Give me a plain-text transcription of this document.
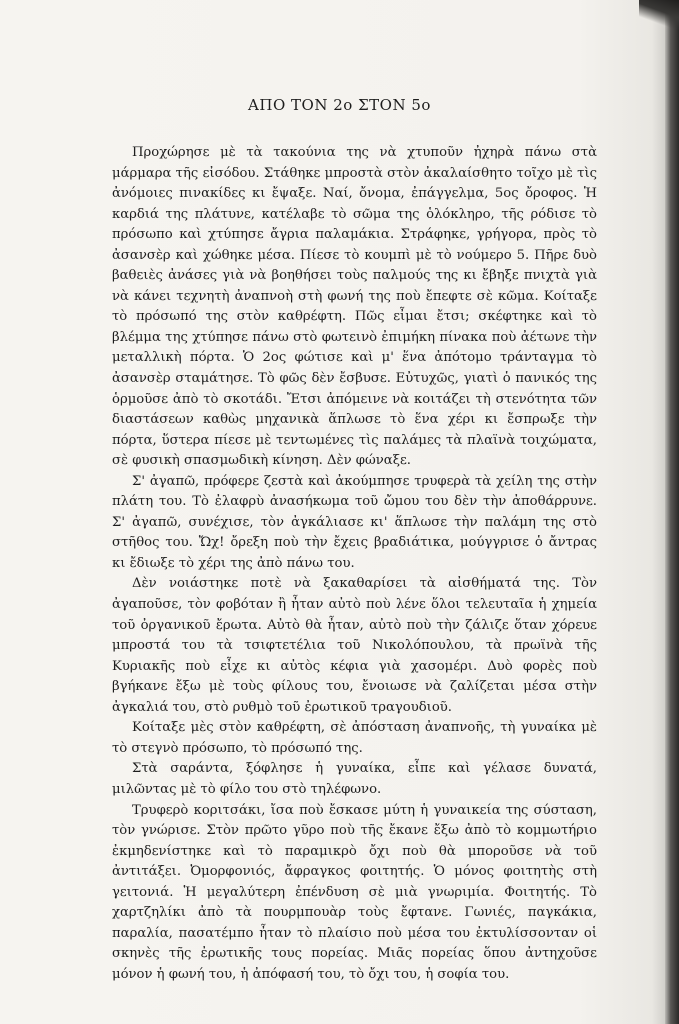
ΑΠΟ ΤΟΝ 2ο ΣΤΟΝ 5ο

Προχώρησε μὲ τὰ τακούνια της νὰ χτυποῦν ἠχηρὰ πάνω στὰ μάρμαρα τῆς εἰσόδου. Στάθηκε μπροστὰ στὸν ἀκαλαίσθητο τοῖχο μὲ τὶς ἀνόμοιες πινακίδες κι ἔψαξε. Ναί, ὄνομα, ἐπάγγελμα, 5ος ὄροφος. Ἡ καρδιά της πλάτυνε, κατέλαβε τὸ σῶμα της ὁλόκληρο, τῆς ρόδισε τὸ πρόσωπο καὶ χτύπησε ἄγρια παλαμάκια. Στράφηκε, γρήγορα, πρὸς τὸ ἀσανσὲρ καὶ χώθηκε μέσα. Πίεσε τὸ κουμπὶ μὲ τὸ νούμερο 5. Πῆρε δυὸ βαθειὲς ἀνάσες γιὰ νὰ βοηθήσει τοὺς παλμούς της κι ἔβηξε πνιχτὰ γιὰ νὰ κάνει τεχνητὴ ἀναπνοὴ στὴ φωνή της ποὺ ἔπεφτε σὲ κῶμα. Κοίταξε τὸ πρόσωπό της στὸν καθρέφτη. Πῶς εἶμαι ἔτσι; σκέφτηκε καὶ τὸ βλέμμα της χτύπησε πάνω στὸ φωτεινὸ ἐπιμήκη πίνακα ποὺ ἀέτωνε τὴν μεταλλικὴ πόρτα. Ὁ 2ος φώτισε καὶ μ' ἕνα ἀπότομο τράνταγμα τὸ ἀσανσὲρ σταμάτησε. Τὸ φῶς δὲν ἔσβυσε. Εὐτυχῶς, γιατὶ ὁ πανικός της ὁρμοῦσε ἀπὸ τὸ σκοτάδι. Ἔτσι ἀπόμεινε νὰ κοιτάζει τὴ στενότητα τῶν διαστάσεων καθὼς μηχανικὰ ἅπλωσε τὸ ἕνα χέρι κι ἔσπρωξε τὴν πόρτα, ὕστερα πίεσε μὲ τεντωμένες τὶς παλάμες τὰ πλαϊνὰ τοιχώματα, σὲ φυσικὴ σπασμωδικὴ κίνηση. Δὲν φώναξε.

Σ' ἀγαπῶ, πρόφερε ζεστὰ καὶ ἀκούμπησε τρυφερὰ τὰ χείλη της στὴν πλάτη του. Τὸ ἐλαφρὺ ἀνασήκωμα τοῦ ὤμου του δὲν τὴν ἀποθάρρυνε. Σ' ἀγαπῶ, συνέχισε, τὸν ἀγκάλιασε κι' ἅπλωσε τὴν παλάμη της στὸ στῆθος του. Ὤχ! ὄρεξη ποὺ τὴν ἔχεις βραδιάτικα, μούγγρισε ὁ ἄντρας κι ἔδιωξε τὸ χέρι της ἀπὸ πάνω του.

Δὲν νοιάστηκε ποτὲ νὰ ξακαθαρίσει τὰ αἰσθήματά της. Τὸν ἀγαποῦσε, τὸν φοβόταν ἢ ἦταν αὐτὸ ποὺ λένε ὅλοι τελευταῖα ἡ χημεία τοῦ ὀργανικοῦ ἔρωτα. Αὐτὸ θὰ ἦταν, αὐτὸ ποὺ τὴν ζάλιζε ὅταν χόρευε μπροστά του τὰ τσιφτετέλια τοῦ Νικολόπουλου, τὰ πρωϊνὰ τῆς Κυριακῆς ποὺ εἶχε κι αὐτὸς κέφια γιὰ χασομέρι. Δυὸ φορὲς ποὺ βγήκανε ἔξω μὲ τοὺς φίλους του, ἔνοιωσε νὰ ζαλίζεται μέσα στὴν ἀγκαλιά του, στὸ ρυθμὸ τοῦ ἐρωτικοῦ τραγουδιοῦ.

Κοίταξε μὲς στὸν καθρέφτη, σὲ ἀπόσταση ἀναπνοῆς, τὴ γυναίκα μὲ τὸ στεγνὸ πρόσωπο, τὸ πρόσωπό της.

Στὰ σαράντα, ξόφλησε ἡ γυναίκα, εἶπε καὶ γέλασε δυνατά, μιλῶντας μὲ τὸ φίλο του στὸ τηλέφωνο.

Τρυφερὸ κοριτσάκι, ἴσα ποὺ ἔσκασε μύτη ἡ γυναικεία της σύσταση, τὸν γνώρισε. Στὸν πρῶτο γῦρο ποὺ τῆς ἔκανε ἔξω ἀπὸ τὸ κομμωτήριο ἐκμηδενίστηκε καὶ τὸ παραμικρὸ ὄχι ποὺ θὰ μποροῦσε νὰ τοῦ ἀντιτάξει. Ὀμορφονιός, ἄφραγκος φοιτητής. Ὁ μόνος φοιτητὴς στὴ γειτονιά. Ἡ μεγαλύτερη ἐπένδυση σὲ μιὰ γνωριμία. Φοιτητής. Τὸ χαρτζηλίκι ἀπὸ τὰ πουρμπουὰρ τοὺς ἔφτανε. Γωνιές, παγκάκια, παραλία, πασατέμπο ἦταν τὸ πλαίσιο ποὺ μέσα του ἐκτυλίσσονταν οἱ σκηνὲς τῆς ἐρωτικῆς τους πορείας. Μιᾶς πορείας ὅπου ἀντηχοῦσε μόνον ἡ φωνή του, ἡ ἀπόφασή του, τὸ ὄχι του, ἡ σοφία του.
